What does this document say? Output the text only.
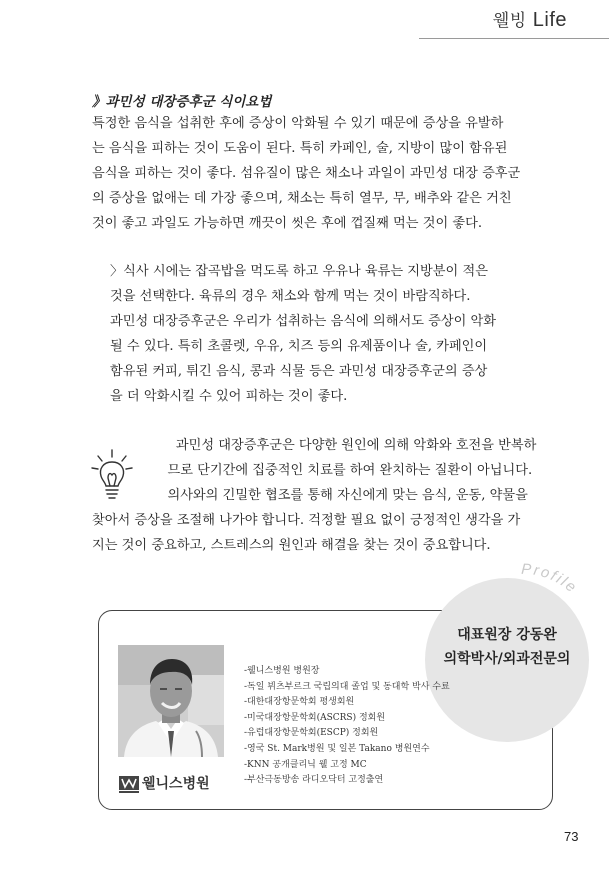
웰빙 Life
》과민성 대장증후군 식이요법
특정한 음식을 섭취한 후에 증상이 악화될 수 있기 때문에 증상을 유발하
는 음식을 피하는 것이 도움이 된다. 특히 카페인, 술, 지방이 많이 함유된
음식을 피하는 것이 좋다. 섬유질이 많은 채소나 과일이 과민성 대장 증후군
의 증상을 없애는 데 가장 좋으며, 채소는 특히 열무, 무, 배추와 같은 거친
것이 좋고 과일도 가능하면 깨끗이 씻은 후에 껍질째 먹는 것이 좋다.
〉식사 시에는 잡곡밥을 먹도록 하고 우유나 육류는 지방분이 적은
것을 선택한다. 육류의 경우 채소와 함께 먹는 것이 바람직하다.
과민성 대장증후군은 우리가 섭취하는 음식에 의해서도 증상이 악화
될 수 있다. 특히 초콜렛, 우유, 치즈 등의 유제품이나 술, 카페인이
함유된 커피, 튀긴 음식, 콩과 식물 등은 과민성 대장증후군의 증상
을 더 악화시킬 수 있어 피하는 것이 좋다.
과민성 대장증후군은 다양한 원인에 의해 악화와 호전을 반복하
므로 단기간에 집중적인 치료를 하여 완치하는 질환이 아닙니다.
의사와의 긴밀한 협조를 통해 자신에게 맞는 음식, 운동, 약물을
찾아서 증상을 조절해 나가야 합니다. 걱정할 필요 없이 긍정적인 생각을 가
지는 것이 중요하고, 스트레스의 원인과 해결을 찾는 것이 중요합니다.
Profile
대표원장 강동완
의학박사/외과전문의
웰니스병원
-웰니스병원 병원장
-독일 뷔츠부르크 국립의대 졸업 및 동대학 박사 수료
-대한대장항문학회 평생회원
-미국대장항문학회(ASCRS) 정회원
-유럽대장항문학회(ESCP) 정회원
-영국 St. Mark병원 및 일본 Takano 병원연수
-KNN 공개클리닉 웰 고정 MC
-부산극동방송 라디오닥터 고정출연
73
